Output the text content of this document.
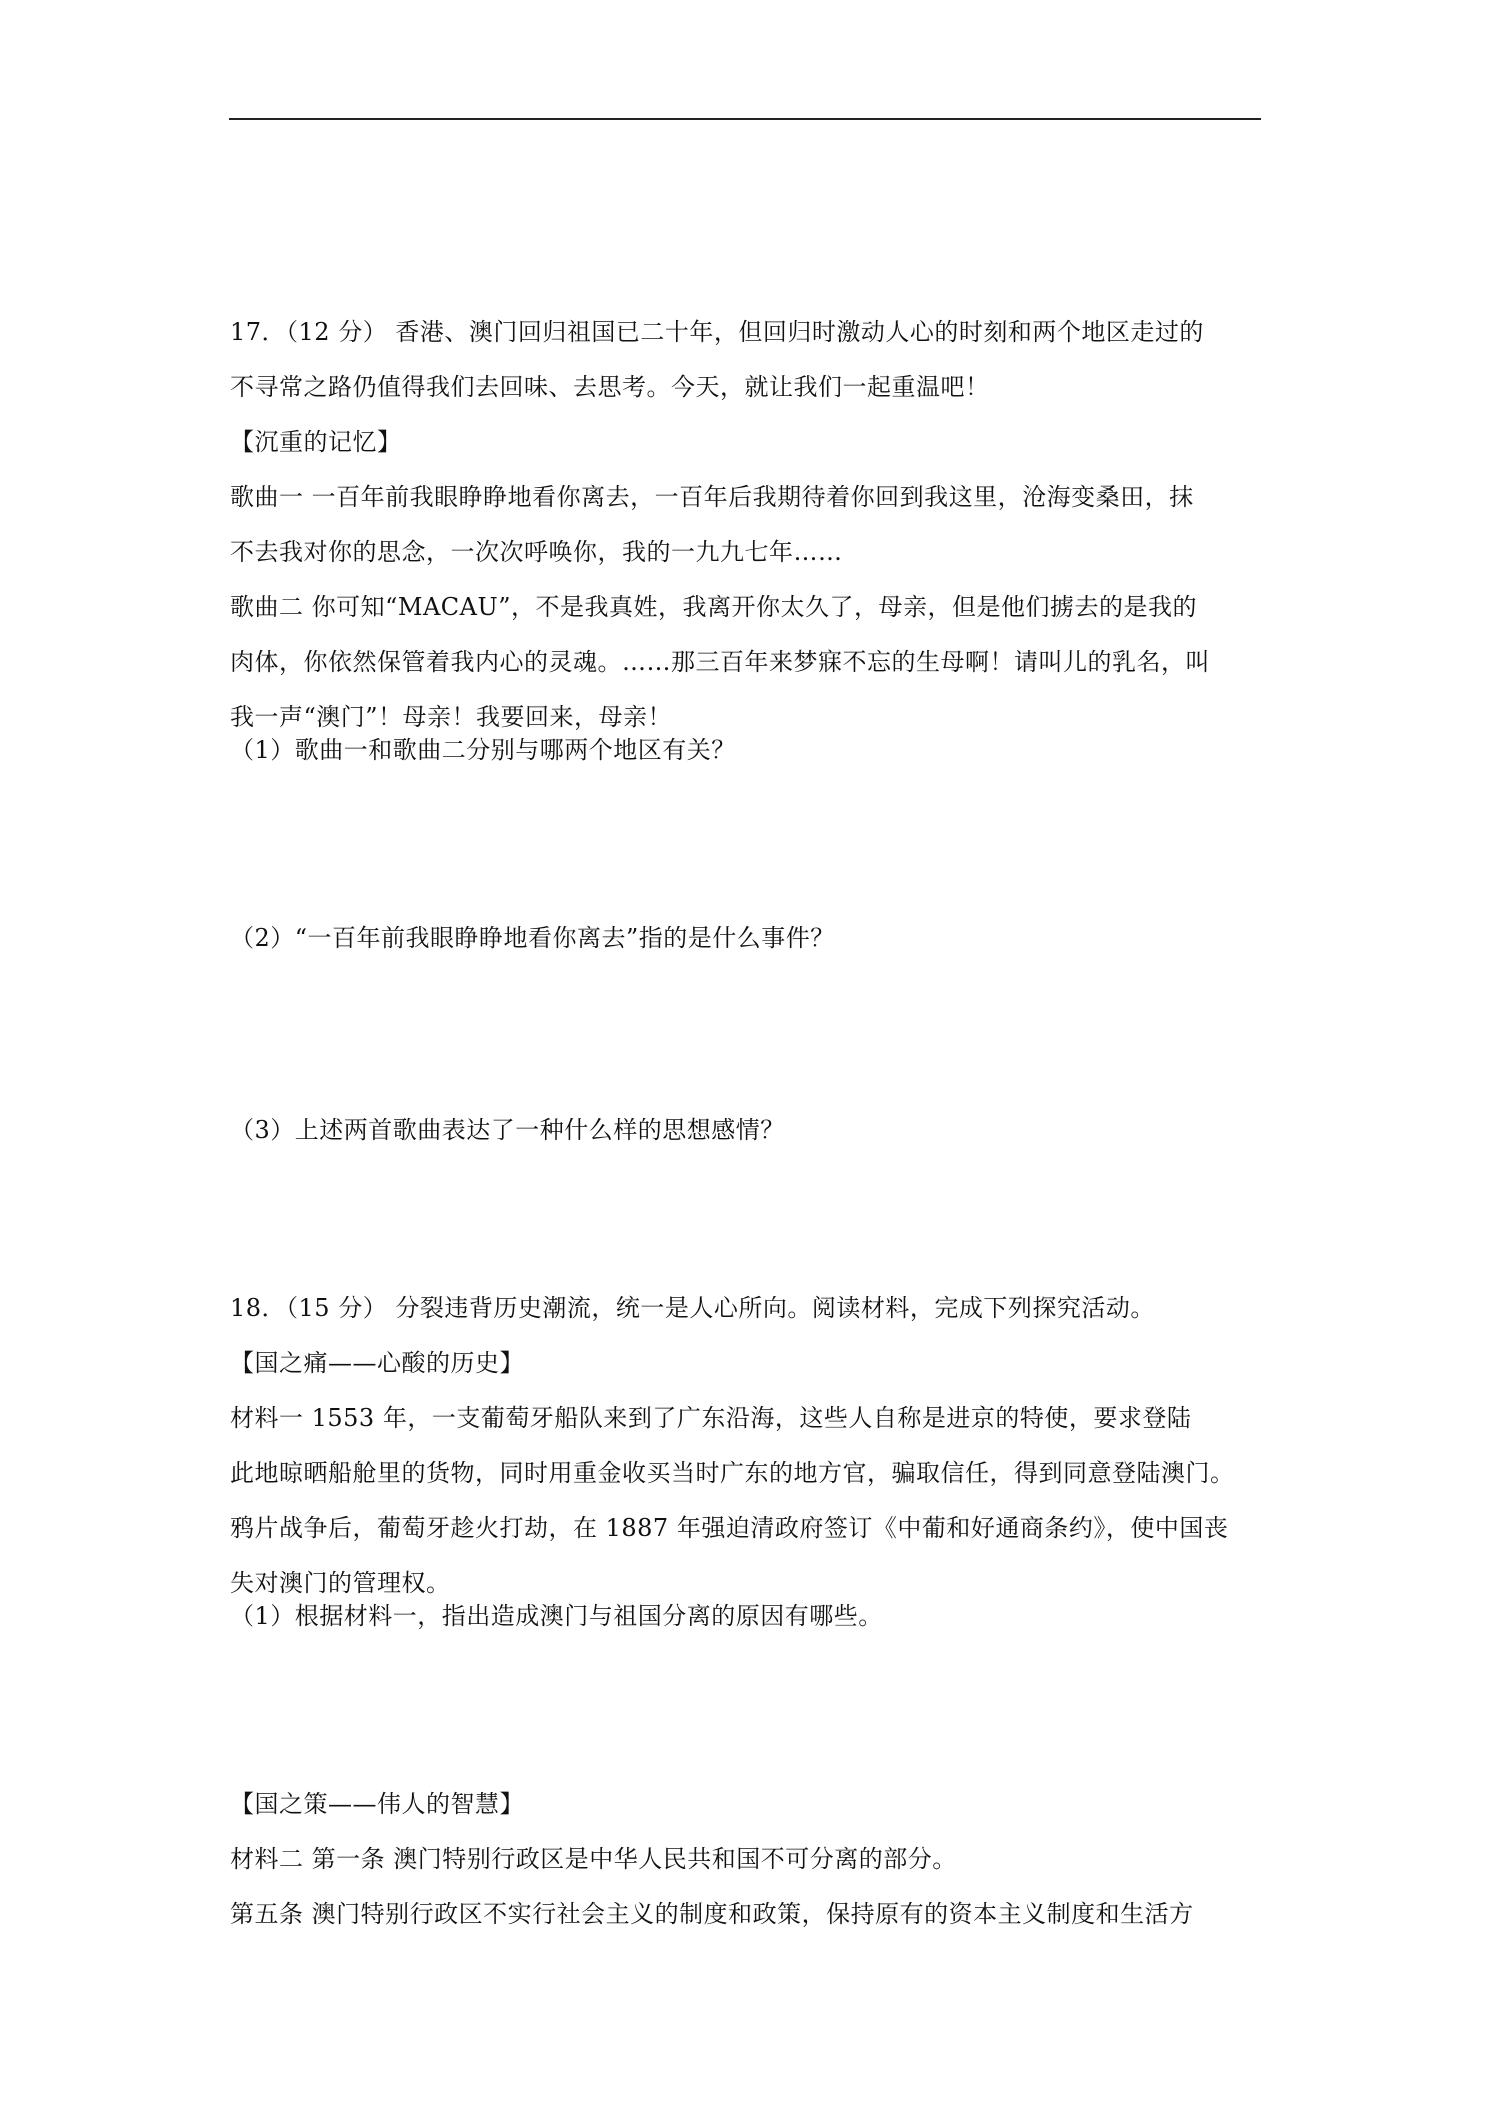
17．（12 分） 香港、澳门回归祖国已二十年，但回归时激动人心的时刻和两个地区走过的
不寻常之路仍值得我们去回味、去思考。今天，就让我们一起重温吧！
【沉重的记忆】
歌曲一 一百年前我眼睁睁地看你离去，一百年后我期待着你回到我这里，沧海变桑田，抹
不去我对你的思念，一次次呼唤你，我的一九九七年……
歌曲二 你可知“MACAU”，不是我真姓，我离开你太久了，母亲，但是他们掳去的是我的
肉体，你依然保管着我内心的灵魂。……那三百年来梦寐不忘的生母啊！请叫儿的乳名，叫
我一声“澳门”！母亲！我要回来，母亲！
（1）歌曲一和歌曲二分别与哪两个地区有关？
（2）“一百年前我眼睁睁地看你离去”指的是什么事件？
（3）上述两首歌曲表达了一种什么样的思想感情？
18．（15 分） 分裂违背历史潮流，统一是人心所向。阅读材料，完成下列探究活动。
【国之痛——心酸的历史】
材料一 1553 年，一支葡萄牙船队来到了广东沿海，这些人自称是进京的特使，要求登陆
此地晾晒船舱里的货物，同时用重金收买当时广东的地方官，骗取信任，得到同意登陆澳门。
鸦片战争后，葡萄牙趁火打劫，在 1887 年强迫清政府签订《中葡和好通商条约》，使中国丧
失对澳门的管理权。
（1）根据材料一，指出造成澳门与祖国分离的原因有哪些。
【国之策——伟人的智慧】
材料二 第一条 澳门特别行政区是中华人民共和国不可分离的部分。
第五条 澳门特别行政区不实行社会主义的制度和政策，保持原有的资本主义制度和生活方
